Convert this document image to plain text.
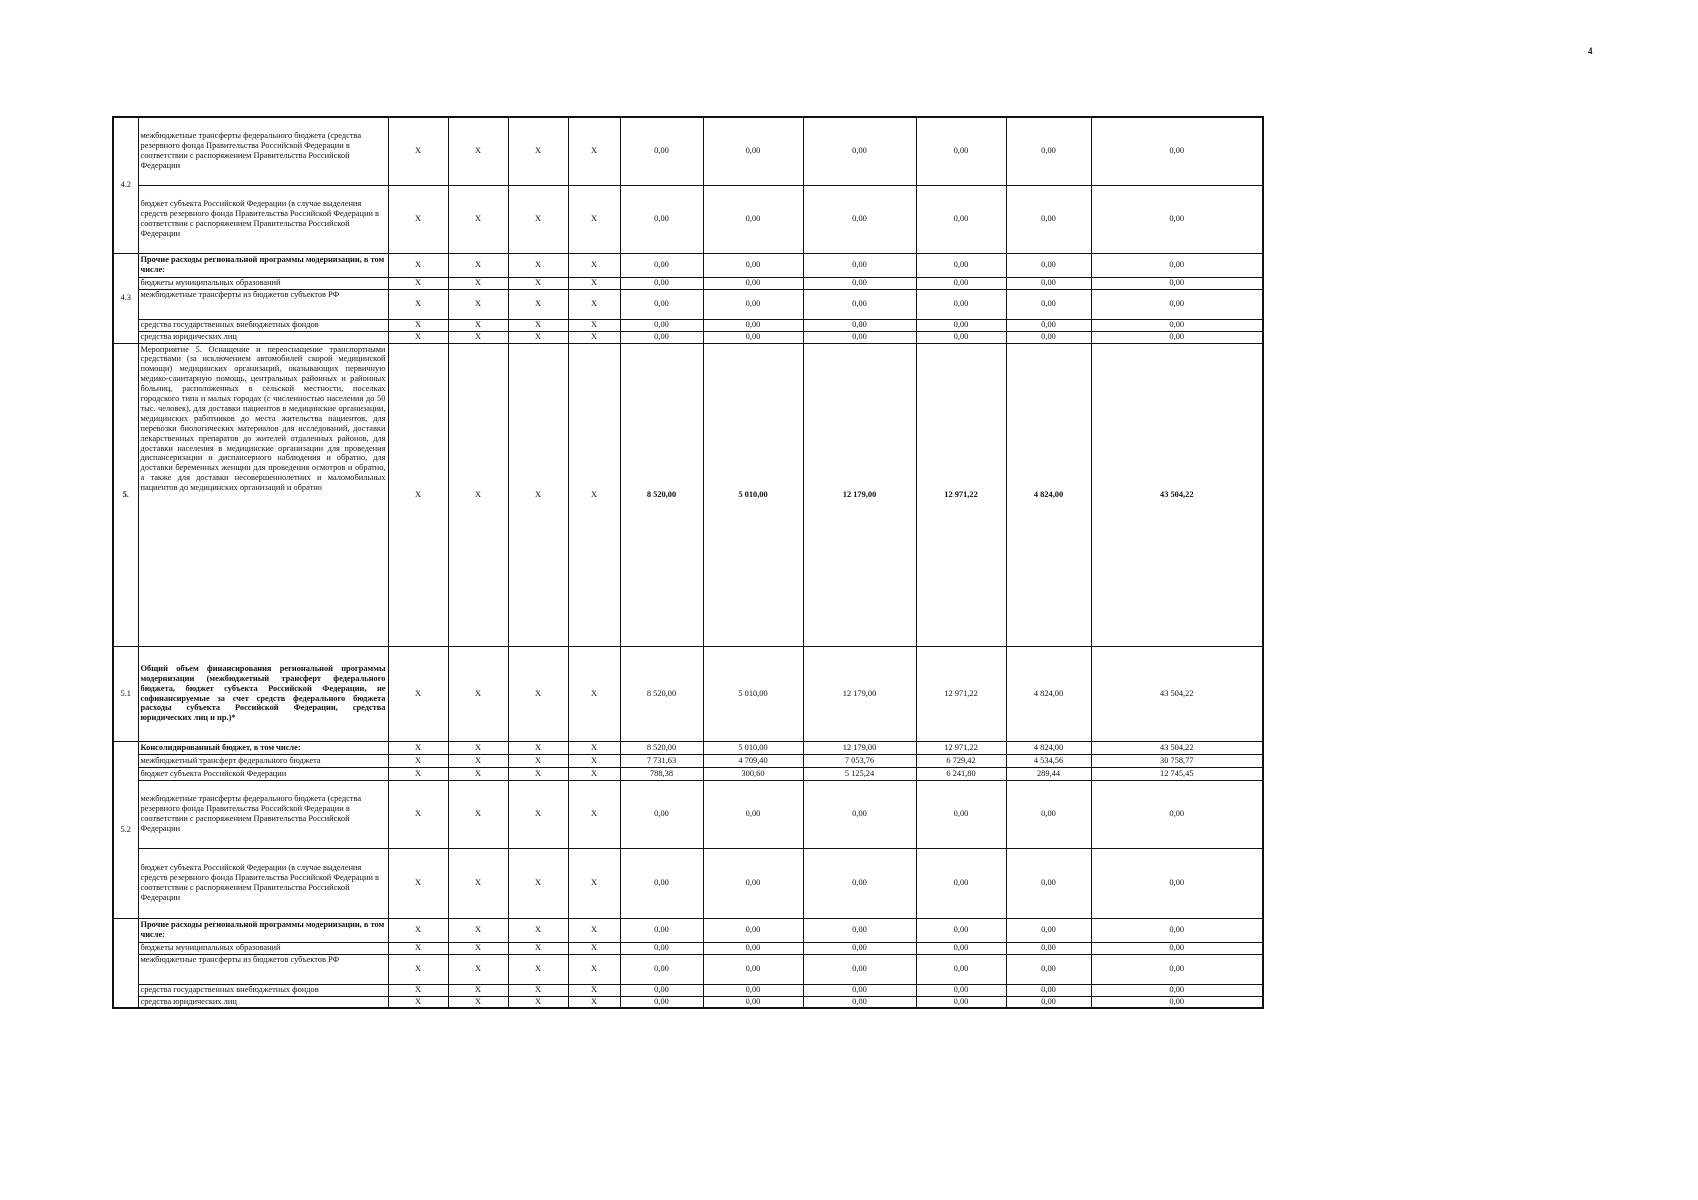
4
4.2	межбюджетные трансферты федерального бюджета (средства резервного фонда Правительства Российской Федерации в соответствии с распоряжением Правительства Российской Федерации	X	X	X	X	0,00	0,00	0,00	0,00	0,00	0,00
	бюджет субъекта Российской Федерации (в случае выделения средств резервного фонда Правительства Российской Федерации в соответствии с распоряжением Правительства Российской Федерации	X	X	X	X	0,00	0,00	0,00	0,00	0,00	0,00
4.3	Прочие расходы региональной программы модернизации, в том числе:	X	X	X	X	0,00	0,00	0,00	0,00	0,00	0,00
	бюджеты муниципальных образований	X	X	X	X	0,00	0,00	0,00	0,00	0,00	0,00
	межбюджетные трансферты из бюджетов субъектов РФ	X	X	X	X	0,00	0,00	0,00	0,00	0,00	0,00
	средства государственных внебюджетных фондов	X	X	X	X	0,00	0,00	0,00	0,00	0,00	0,00
	средства юридических лиц	X	X	X	X	0,00	0,00	0,00	0,00	0,00	0,00
5.	Мероприятие 5. Оснащение и переоснащение транспортными средствами (за исключением автомобилей скорой медицинской помощи) медицинских организаций, оказывающих первичную медико-санитарную помощь, центральных районных и районных больниц, расположенных в сельской местности, поселках городского типа и малых городах (с численностью населения до 50 тыс. человек), для доставки пациентов в медицинские организации, медицинских работников до места жительства пациентов, для перевозки биологических материалов для исследований, доставки лекарственных препаратов до жителей отдаленных районов, для доставки населения в медицинские организации для проведения диспансеризации и диспансерного наблюдения и обратно, для доставки беременных женщин для проведения осмотров и обратно, а также для доставки несовершеннолетних и маломобильных пациентов до медицинских организаций и обратно	X	X	X	X	8 520,00	5 010,00	12 179,00	12 971,22	4 824,00	43 504,22
5.1	Общий объем финансирования региональной программы модернизации (межбюджетный трансферт федерального бюджета, бюджет субъекта Российской Федерации, не софинансируемые за счет средств федерального бюджета расходы субъекта Российской Федерации, средства юридических лиц и пр.)*	X	X	X	X	8 520,00	5 010,00	12 179,00	12 971,22	4 824,00	43 504,22
5.2	Консолидированный бюджет, в том числе:	X	X	X	X	8 520,00	5 010,00	12 179,00	12 971,22	4 824,00	43 504,22
	межбюджетный трансферт федерального бюджета	X	X	X	X	7 731,63	4 709,40	7 053,76	6 729,42	4 534,56	30 758,77
	бюджет субъекта Российской Федерации	X	X	X	X	788,38	300,60	5 125,24	6 241,80	289,44	12 745,45
	межбюджетные трансферты федерального бюджета (средства резервного фонда Правительства Российской Федерации в соответствии с распоряжением Правительства Российской Федерации	X	X	X	X	0,00	0,00	0,00	0,00	0,00	0,00
	бюджет субъекта Российской Федерации (в случае выделения средств резервного фонда Правительства Российской Федерации в соответствии с распоряжением Правительства Российской Федерации	X	X	X	X	0,00	0,00	0,00	0,00	0,00	0,00
	Прочие расходы региональной программы модернизации, в том числе:	X	X	X	X	0,00	0,00	0,00	0,00	0,00	0,00
	бюджеты муниципальных образований	X	X	X	X	0,00	0,00	0,00	0,00	0,00	0,00
	межбюджетные трансферты из бюджетов субъектов РФ	X	X	X	X	0,00	0,00	0,00	0,00	0,00	0,00
	средства государственных внебюджетных фондов	X	X	X	X	0,00	0,00	0,00	0,00	0,00	0,00
	средства юридических лиц	X	X	X	X	0,00	0,00	0,00	0,00	0,00	0,00
